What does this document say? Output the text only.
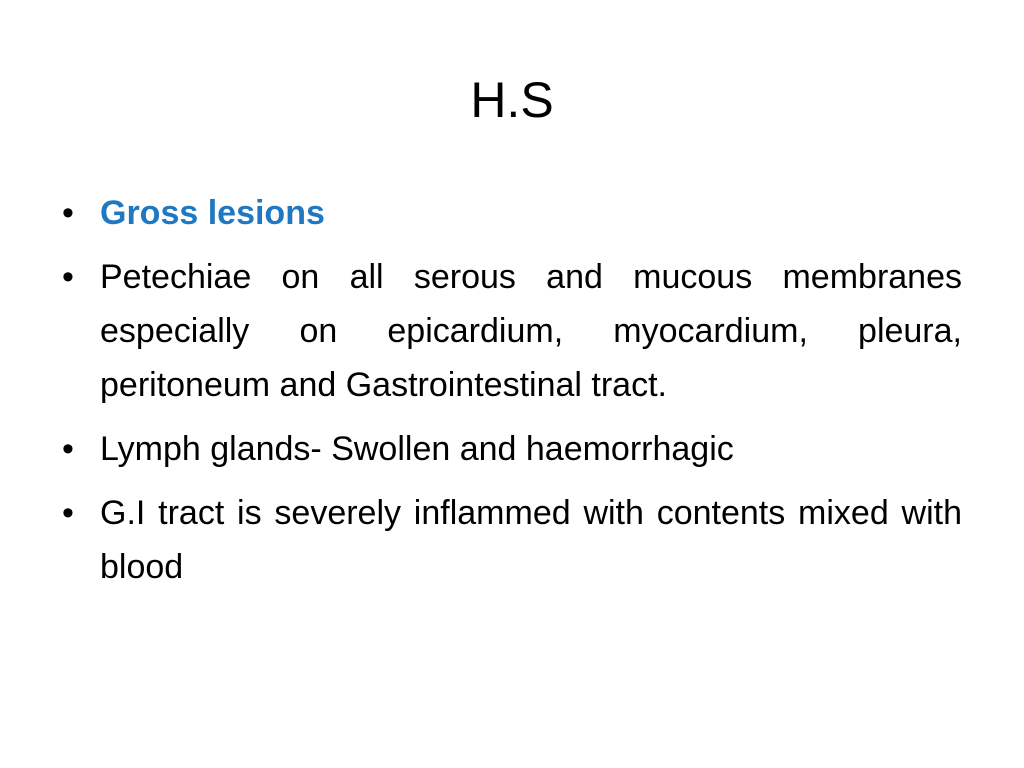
H.S
• Gross lesions
• Petechiae on all serous and mucous membranes especially on epicardium, myocardium, pleura, peritoneum and Gastrointestinal tract.
• Lymph glands- Swollen and haemorrhagic
• G.I tract is severely inflammed with contents mixed with blood
